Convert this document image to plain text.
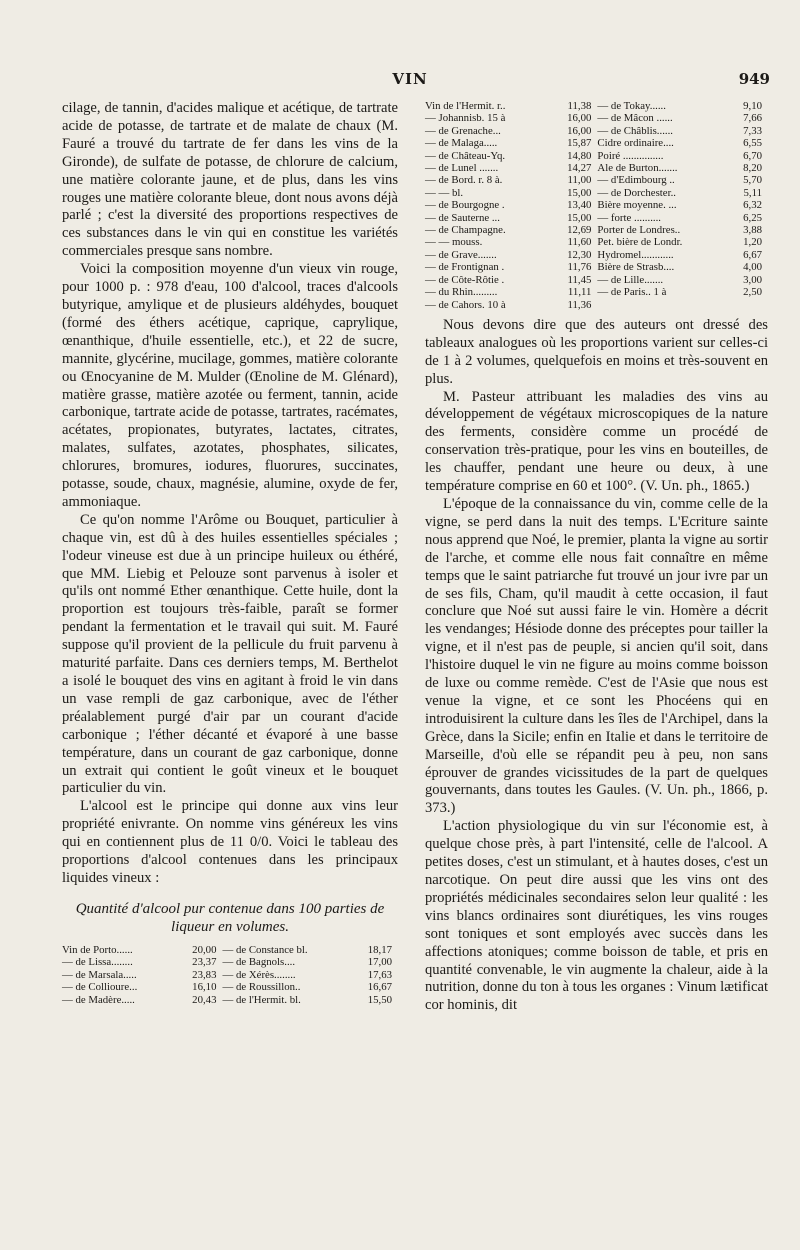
VIN	949

cilage, de tannin, d'acides malique et acétique, de tartrate acide de potasse, de tartrate et de malate de chaux (M. Fauré a trouvé du tartrate de fer dans les vins de la Gironde), de sulfate de potasse, de chlorure de calcium, une matière colorante jaune, et de plus, dans les vins rouges une matière colorante bleue, dont nous avons déjà parlé ; c'est la diversité des proportions respectives de ces substances dans le vin qui en constitue les variétés commerciales presque sans nombre.

Voici la composition moyenne d'un vieux vin rouge, pour 1000 p. : 978 d'eau, 100 d'alcool, traces d'alcools butyrique, amylique et de plusieurs aldéhydes, bouquet (formé des éthers acétique, caprique, caprylique, œnanthique, d'huile essentielle, etc.), et 22 de sucre, mannite, glycérine, mucilage, gommes, matière colorante ou Œnocyanine de M. Mulder (Œnoline de M. Glénard), matière grasse, matière azotée ou ferment, tannin, acide carbonique, tartrate acide de potasse, tartrates, racémates, acétates, propionates, butyrates, lactates, citrates, malates, sulfates, azotates, phosphates, silicates, chlorures, bromures, iodures, fluorures, succinates, potasse, soude, chaux, magnésie, alumine, oxyde de fer, ammoniaque.

Ce qu'on nomme l'Arôme ou Bouquet, particulier à chaque vin, est dû à des huiles essentielles spéciales ; l'odeur vineuse est due à un principe huileux ou éthéré, que MM. Liebig et Pelouze sont parvenus à isoler et qu'ils ont nommé Ether œnanthique. Cette huile, dont la proportion est toujours très-faible, paraît se former pendant la fermentation et le travail qui suit. M. Fauré suppose qu'il provient de la pellicule du fruit parvenu à maturité parfaite. Dans ces derniers temps, M. Berthelot a isolé le bouquet des vins en agitant à froid le vin dans un vase rempli de gaz carbonique, avec de l'éther préalablement purgé d'air par un courant d'acide carbonique ; l'éther décanté et évaporé à une basse température, dans un courant de gaz carbonique, donne un extrait qui contient le goût vineux et le bouquet particulier du vin.

L'alcool est le principe qui donne aux vins leur propriété enivrante. On nomme vins généreux les vins qui en contiennent plus de 11 0/0. Voici le tableau des proportions d'alcool contenues dans les principaux liquides vineux :

Quantité d'alcool pur contenue dans 100 parties de liqueur en volumes.
Vin de Porto......	20,00	— de Constance bl.	18,17
— de Lissa........	23,37	— de Bagnols....	17,00
— de Marsala.....	23,83	— de Xérès........	17,63
— de Collioure...	16,10	— de Roussillon..	16,67
— de Madère.....	20,43	— de l'Hermit. bl.	15,50
Vin de l'Hermit. r..	11,38	— de Tokay......	9,10
— Johannisb. 15 à	16,00	— de Mâcon ......	7,66
— de Grenache...	16,00	— de Châblis......	7,33
— de Malaga.....	15,87	Cidre ordinaire....	6,55
— de Château-Yq.	14,80	Poiré ...............	6,70
— de Lunel .......	14,27	Ale de Burton.......	8,20
— de Bord. r. 8 à.	11,00	— d'Edimbourg ..	5,70
— — bl.	15,00	— de Dorchester..	5,11
— de Bourgogne .	13,40	Bière moyenne. ...	6,32
— de Sauterne ...	15,00	— forte ..........	6,25
— de Champagne.	12,69	Porter de Londres..	3,88
— — mouss.	11,60	Pet. bière de Londr.	1,20
— de Grave.......	12,30	Hydromel............	6,67
— de Frontignan .	11,76	Bière de Strasb....	4,00
— de Côte-Rôtie .	11,45	— de Lille.......	3,00
— du Rhin.........	11,11	— de Paris.. 1 à	2,50
— de Cahors. 10 à	11,36		

Nous devons dire que des auteurs ont dressé des tableaux analogues où les proportions varient sur celles-ci de 1 à 2 volumes, quelquefois en moins et très-souvent en plus.

M. Pasteur attribuant les maladies des vins au développement de végétaux microscopiques de la nature des ferments, considère comme un procédé de conservation très-pratique, pour les vins en bouteilles, de les chauffer, pendant une heure ou deux, à une température comprise en 60 et 100°. (V. Un. ph., 1865.)

L'époque de la connaissance du vin, comme celle de la vigne, se perd dans la nuit des temps. L'Ecriture sainte nous apprend que Noé, le premier, planta la vigne au sortir de l'arche, et comme elle nous fait connaître en même temps que le saint patriarche fut trouvé un jour ivre par un de ses fils, Cham, qu'il maudit à cette occasion, il faut conclure que Noé sut aussi faire le vin. Homère a décrit les vendanges; Hésiode donne des préceptes pour tailler la vigne, et il n'est pas de peuple, si ancien qu'il soit, dans l'histoire duquel le vin ne figure au moins comme boisson de luxe ou comme remède. C'est de l'Asie que nous est venue la vigne, et ce sont les Phocéens qui en introduisirent la culture dans les îles de l'Archipel, dans la Grèce, dans la Sicile; enfin en Italie et dans le territoire de Marseille, d'où elle se répandit peu à peu, non sans éprouver de grandes vicissitudes de la part de quelques gouvernants, dans toutes les Gaules. (V. Un. ph., 1866, p. 373.)

L'action physiologique du vin sur l'économie est, à quelque chose près, à part l'intensité, celle de l'alcool. A petites doses, c'est un stimulant, et à hautes doses, c'est un narcotique. On peut dire aussi que les vins ont des propriétés médicinales secondaires selon leur qualité : les vins blancs ordinaires sont diurétiques, les vins rouges sont toniques et sont employés avec succès dans les affections atoniques; comme boisson de table, et pris en quantité convenable, le vin augmente la chaleur, aide à la nutrition, donne du ton à tous les organes : Vinum lætificat cor hominis, dit
